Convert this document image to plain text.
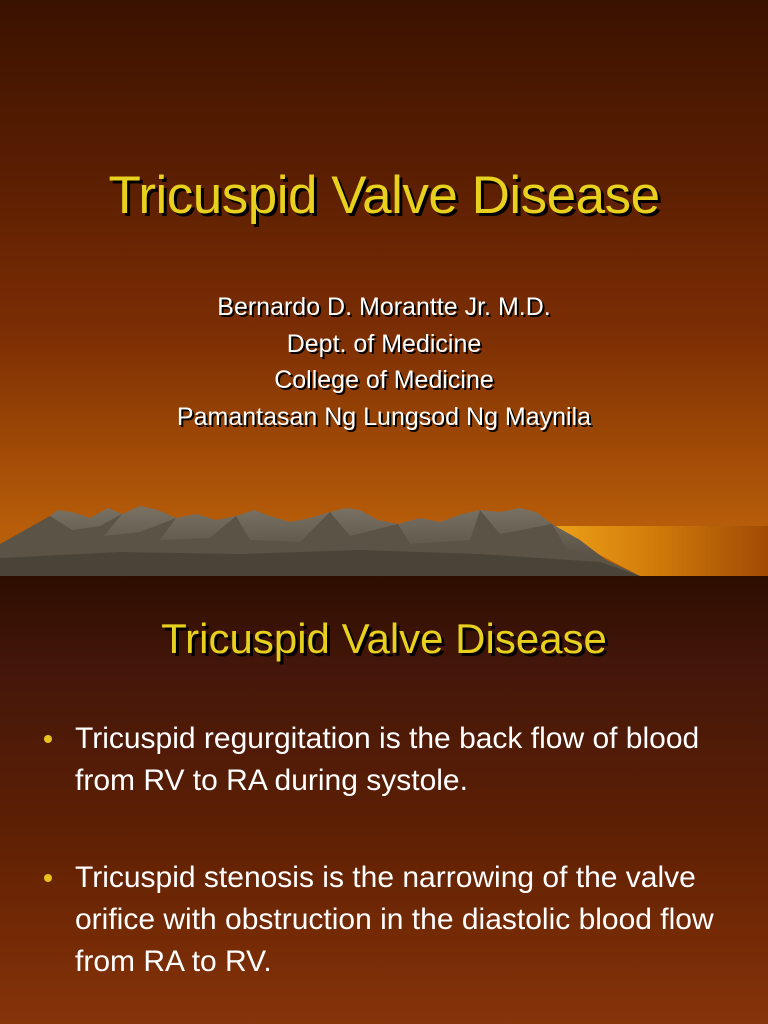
Tricuspid Valve Disease
Bernardo D. Morantte Jr. M.D.
Dept. of Medicine
College of Medicine
Pamantasan Ng Lungsod Ng Maynila
Tricuspid Valve Disease
Tricuspid regurgitation is the back flow of blood from RV to RA during systole.
Tricuspid stenosis is the narrowing of the valve orifice with obstruction in the diastolic blood flow from RA to RV.
